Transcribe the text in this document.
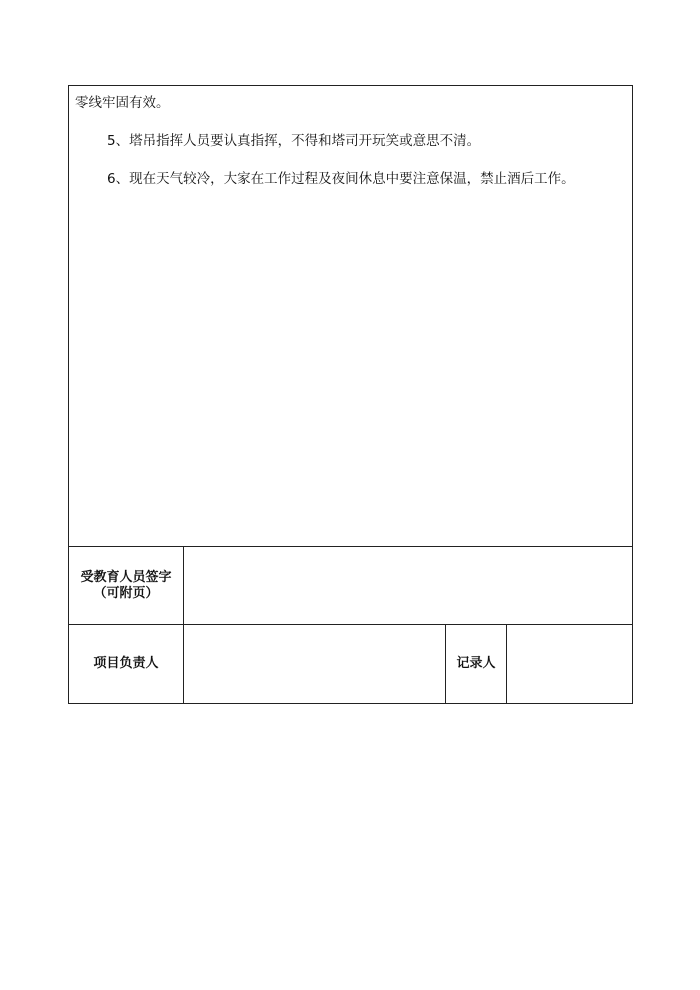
零线牢固有效。
5、塔吊指挥人员要认真指挥，不得和塔司开玩笑或意思不清。
6、现在天气较冷，大家在工作过程及夜间休息中要注意保温，禁止酒后工作。			

受教育人员签字
（可附页）			

项目负责人		记录人	
